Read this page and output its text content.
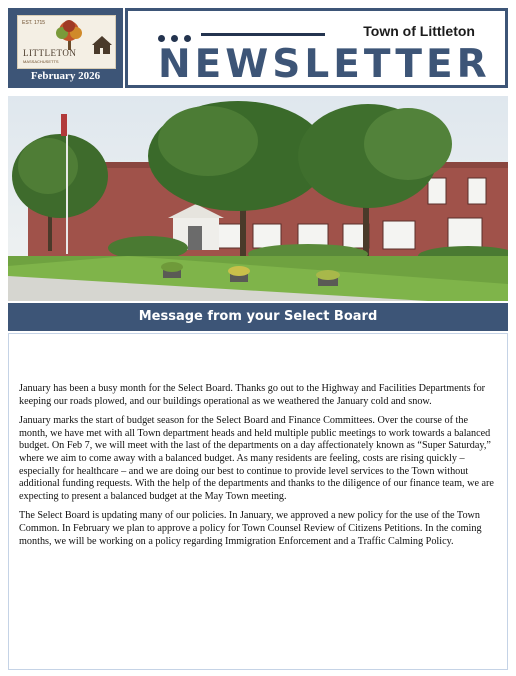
EST. 1715
LITTLETON
MASSACHUSETTS
February 2026
Town of Littleton
NEWSLETTER
Message from your Select Board

January has been a busy month for the Select Board. Thanks go out to the Highway and Facilities Departments for keeping our roads plowed, and our buildings operational as we weathered the January cold and snow.

January marks the start of budget season for the Select Board and Finance Committees. Over the course of the month, we have met with all Town department heads and held multiple public meetings to work towards a balanced budget. On Feb 7, we will meet with the last of the departments on a day affectionately known as “Super Saturday,” where we aim to come away with a balanced budget. As many residents are feeling, costs are rising quickly – especially for healthcare – and we are doing our best to continue to provide level services to the Town without additional funding requests. With the help of the departments and thanks to the diligence of our finance team, we are expecting to present a balanced budget at the May Town meeting.

The Select Board is updating many of our policies. In January, we approved a new policy for the use of the Town Common. In February we plan to approve a policy for Town Counsel Review of Citizens Petitions. In the coming months, we will be working on a policy regarding Immigration Enforcement and a Traffic Calming Policy.
